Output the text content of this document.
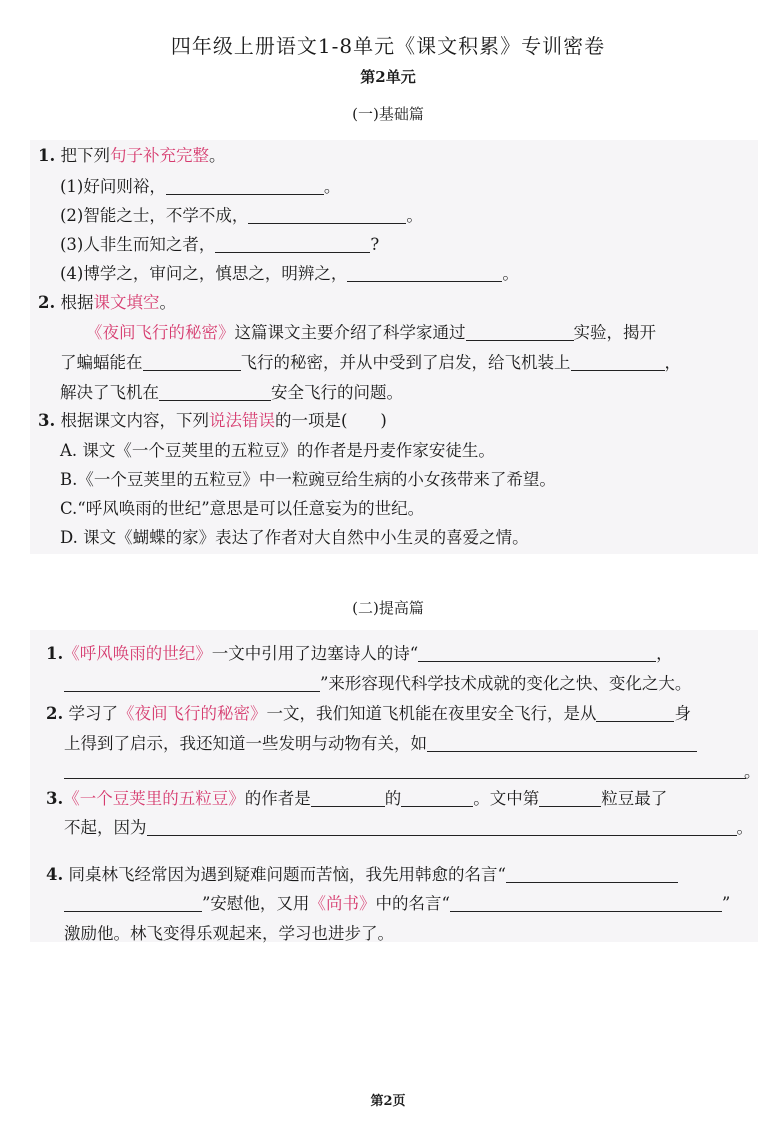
四年级上册语文1-8单元《课文积累》专训密卷
第2单元
(一)基础篇
1. 把下列句子补充完整。
(1)好问则裕，	。
(2)智能之士，不学不成，	。
(3)人非生而知之者，	?
(4)博学之，审问之，慎思之，明辨之，	。
2. 根据课文填空。
《夜间飞行的秘密》这篇课文主要介绍了科学家通过	实验，揭开
了蝙蝠能在	飞行的秘密，并从中受到了启发，给飞机装上	，
解决了飞机在	安全飞行的问题。
3. 根据课文内容，下列说法错误的一项是(　　)
A. 课文《一个豆荚里的五粒豆》的作者是丹麦作家安徒生。
B.《一个豆荚里的五粒豆》中一粒豌豆给生病的小女孩带来了希望。
C.“呼风唤雨的世纪”意思是可以任意妄为的世纪。
D. 课文《蝴蝶的家》表达了作者对大自然中小生灵的喜爱之情。
(二)提高篇
1.《呼风唤雨的世纪》一文中引用了边塞诗人的诗“	，
”来形容现代科学技术成就的变化之快、变化之大。
2. 学习了《夜间飞行的秘密》一文，我们知道飞机能在夜里安全飞行，是从	身
上得到了启示，我还知道一些发明与动物有关，如
。
3.《一个豆荚里的五粒豆》的作者是	的	。文中第	粒豆最了
不起，因为	。
4. 同桌林飞经常因为遇到疑难问题而苦恼，我先用韩愈的名言“
”安慰他，又用《尚书》中的名言“	”
激励他。林飞变得乐观起来，学习也进步了。
第2页
